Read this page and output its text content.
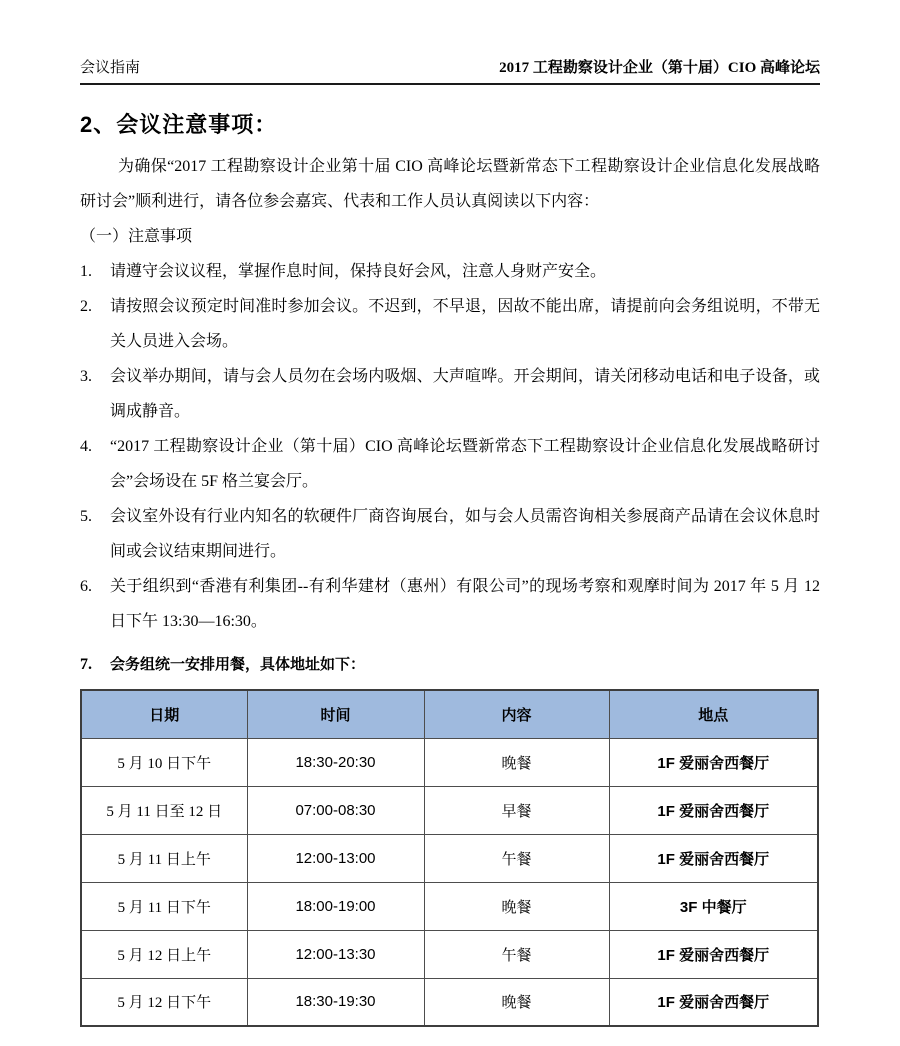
会议指南	2017 工程勘察设计企业（第十届）CIO 高峰论坛
2、会议注意事项：

为确保“2017 工程勘察设计企业第十届 CIO 高峰论坛暨新常态下工程勘察设计企业信息化发展战略研讨会”顺利进行，请各位参会嘉宾、代表和工作人员认真阅读以下内容：

（一）注意事项

1.	请遵守会议议程，掌握作息时间，保持良好会风，注意人身财产安全。
2.	请按照会议预定时间准时参加会议。不迟到，不早退，因故不能出席，请提前向会务组说明，不带无关人员进入会场。
3.	会议举办期间，请与会人员勿在会场内吸烟、大声喧哗。开会期间，请关闭移动电话和电子设备，或调成静音。
4.	“2017 工程勘察设计企业（第十届）CIO 高峰论坛暨新常态下工程勘察设计企业信息化发展战略研讨会”会场设在 5F 格兰宴会厅。
5.	会议室外设有行业内知名的软硬件厂商咨询展台，如与会人员需咨询相关参展商产品请在会议休息时间或会议结束期间进行。
6.	关于组织到“香港有利集团--有利华建材（惠州）有限公司”的现场考察和观摩时间为 2017 年 5 月 12 日下午 13:30—16:30。
7.	会务组统一安排用餐，具体地址如下：
日期	时间	内容	地点
5 月 10 日下午	18:30-20:30	晚餐	1F 爱丽舍西餐厅
5 月 11 日至 12 日	07:00-08:30	早餐	1F 爱丽舍西餐厅
5 月 11 日上午	12:00-13:00	午餐	1F 爱丽舍西餐厅
5 月 11 日下午	18:00-19:00	晚餐	3F 中餐厅
5 月 12 日上午	12:00-13:30	午餐	1F 爱丽舍西餐厅
5 月 12 日下午	18:30-19:30	晚餐	1F 爱丽舍西餐厅
